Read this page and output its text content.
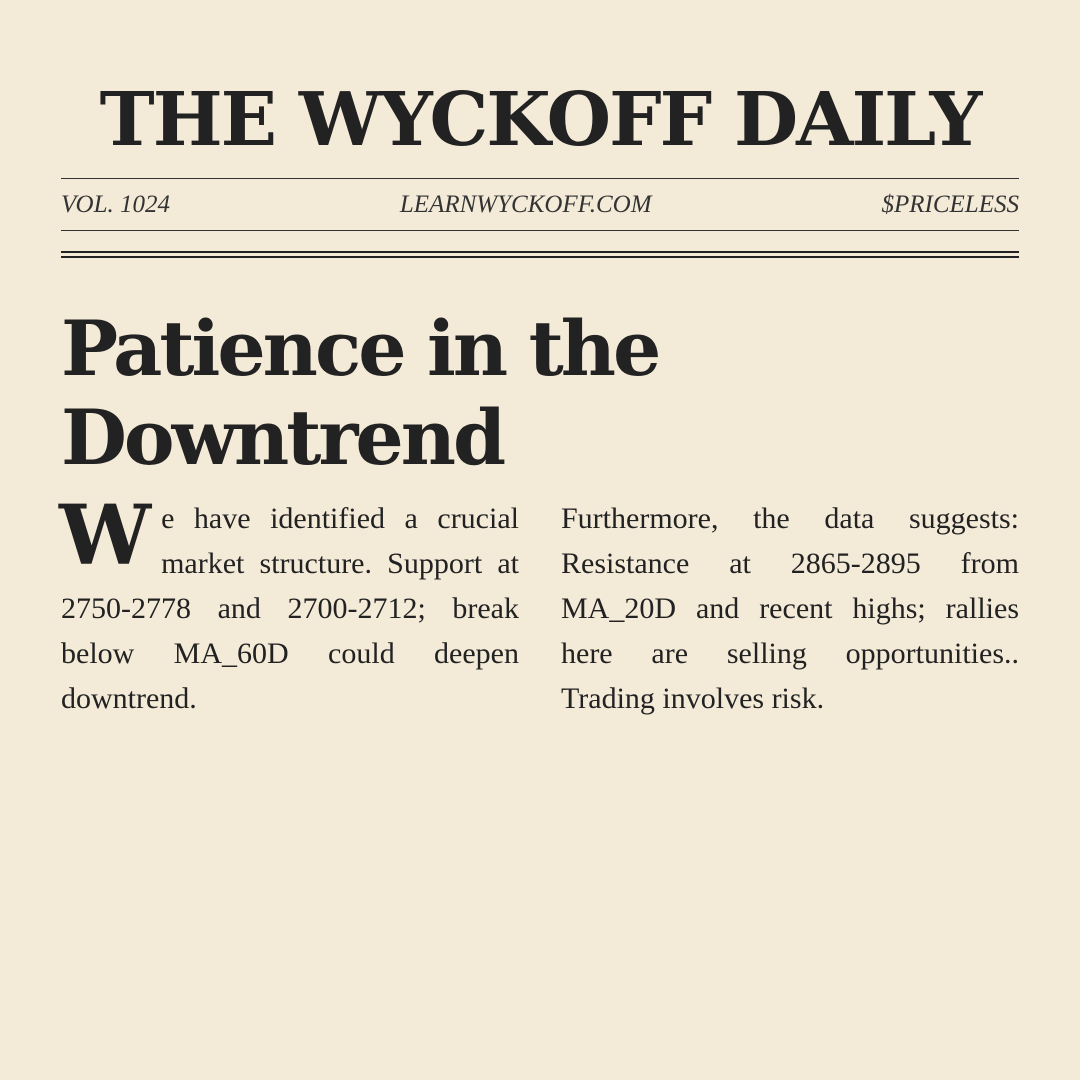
THE WYCKOFF DAILY
VOL. 1024	LEARNWYCKOFF.COM	$PRICELESS
Patience in the Downtrend
We have identified a crucial market structure. Support at 2750-2778 and 2700-2712; break below MA_60D could deepen downtrend.
Furthermore, the data suggests: Resistance at 2865-2895 from MA_20D and recent highs; rallies here are selling opportunities.. Trading involves risk.
